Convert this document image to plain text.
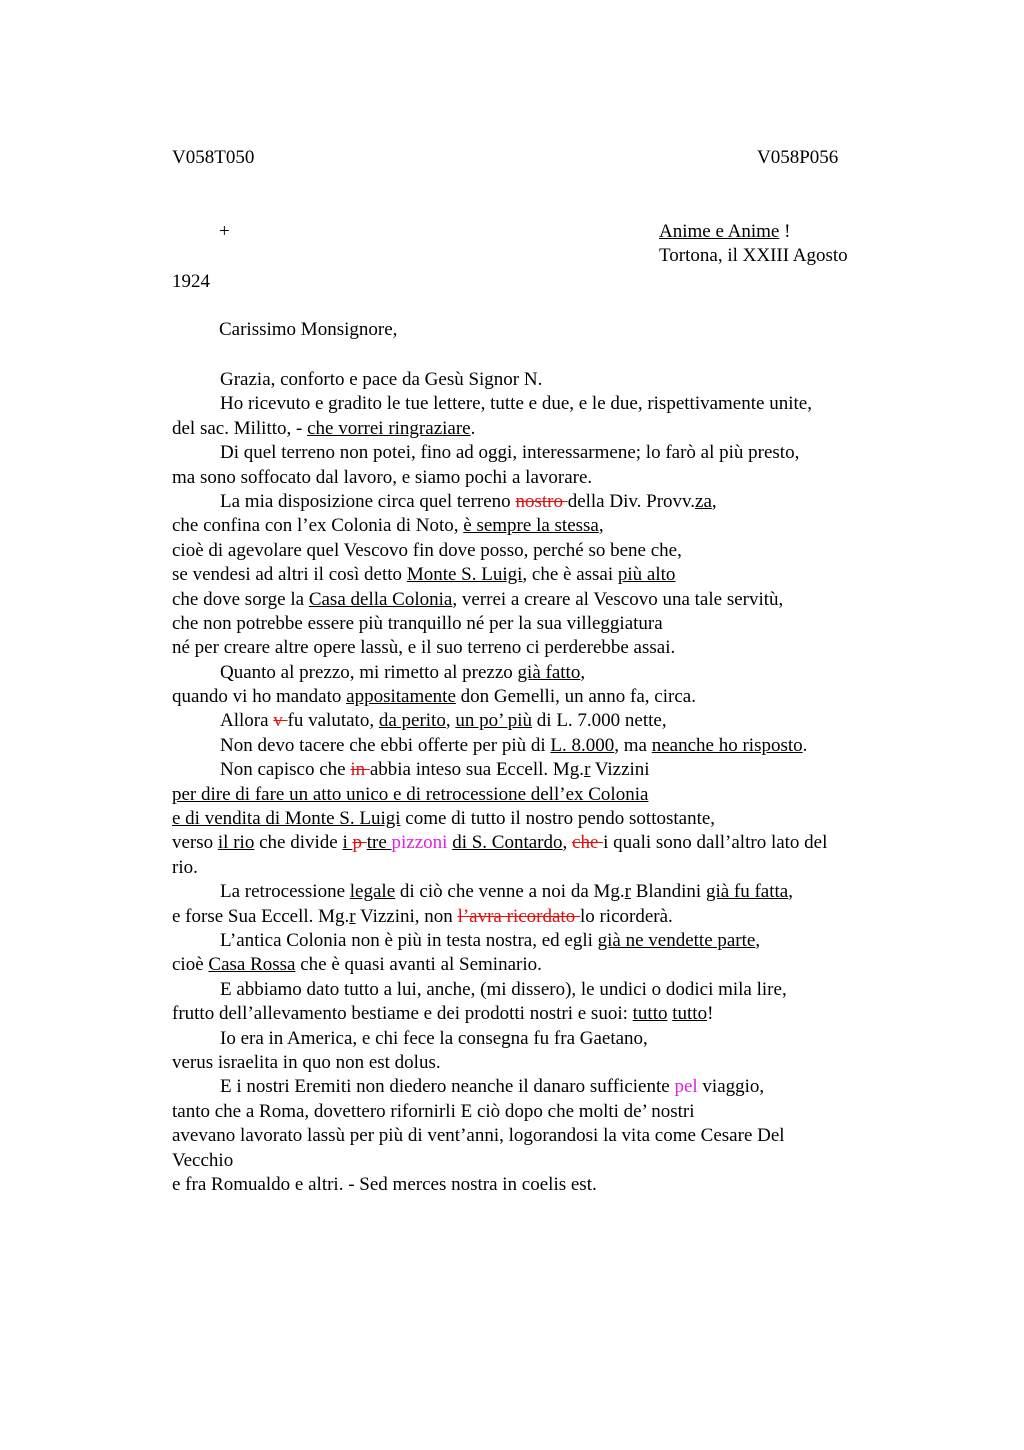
V058T050	V058P056
+	Anime e Anime !
Tortona, il XXIII Agosto
1924
Carissimo Monsignore,
Grazia, conforto e pace da Gesù Signor N.
Ho ricevuto e gradito le tue lettere, tutte e due, e le due, rispettivamente unite,
del sac. Militto, - che vorrei ringraziare.
Di quel terreno non potei, fino ad oggi, interessarmene; lo farò al più presto,
ma sono soffocato dal lavoro, e siamo pochi a lavorare.
La mia disposizione circa quel terreno nostro della Div. Provv.za,
che confina con l’ex Colonia di Noto, è sempre la stessa,
cioè di agevolare quel Vescovo fin dove posso, perché so bene che,
se vendesi ad altri il così detto Monte S. Luigi, che è assai più alto
che dove sorge la Casa della Colonia, verrei a creare al Vescovo una tale servitù,
che non potrebbe essere più tranquillo né per la sua villeggiatura
né per creare altre opere lassù, e il suo terreno ci perderebbe assai.
Quanto al prezzo, mi rimetto al prezzo già fatto,
quando vi ho mandato appositamente don Gemelli, un anno fa, circa.
Allora v fu valutato, da perito, un po’ più di L. 7.000 nette,
Non devo tacere che ebbi offerte per più di L. 8.000, ma neanche ho risposto.
Non capisco che in abbia inteso sua Eccell. Mg.r Vizzini
per dire di fare un atto unico e di retrocessione dell’ex Colonia
e di vendita di Monte S. Luigi come di tutto il nostro pendo sottostante,
verso il rio che divide i p tre pizzoni di S. Contardo, che i quali sono dall’altro lato del
rio.
La retrocessione legale di ciò che venne a noi da Mg.r Blandini già fu fatta,
e forse Sua Eccell. Mg.r Vizzini, non l’avra ricordato lo ricorderà.
L’antica Colonia non è più in testa nostra, ed egli già ne vendette parte,
cioè Casa Rossa che è quasi avanti al Seminario.
E abbiamo dato tutto a lui, anche, (mi dissero), le undici o dodici mila lire,
frutto dell’allevamento bestiame e dei prodotti nostri e suoi: tutto tutto!
Io era in America, e chi fece la consegna fu fra Gaetano,
verus israelita in quo non est dolus.
E i nostri Eremiti non diedero neanche il danaro sufficiente pel viaggio,
tanto che a Roma, dovettero rifornirli E ciò dopo che molti de’ nostri
avevano lavorato lassù per più di vent’anni, logorandosi la vita come Cesare Del
Vecchio
e fra Romualdo e altri. - Sed merces nostra in coelis est.
